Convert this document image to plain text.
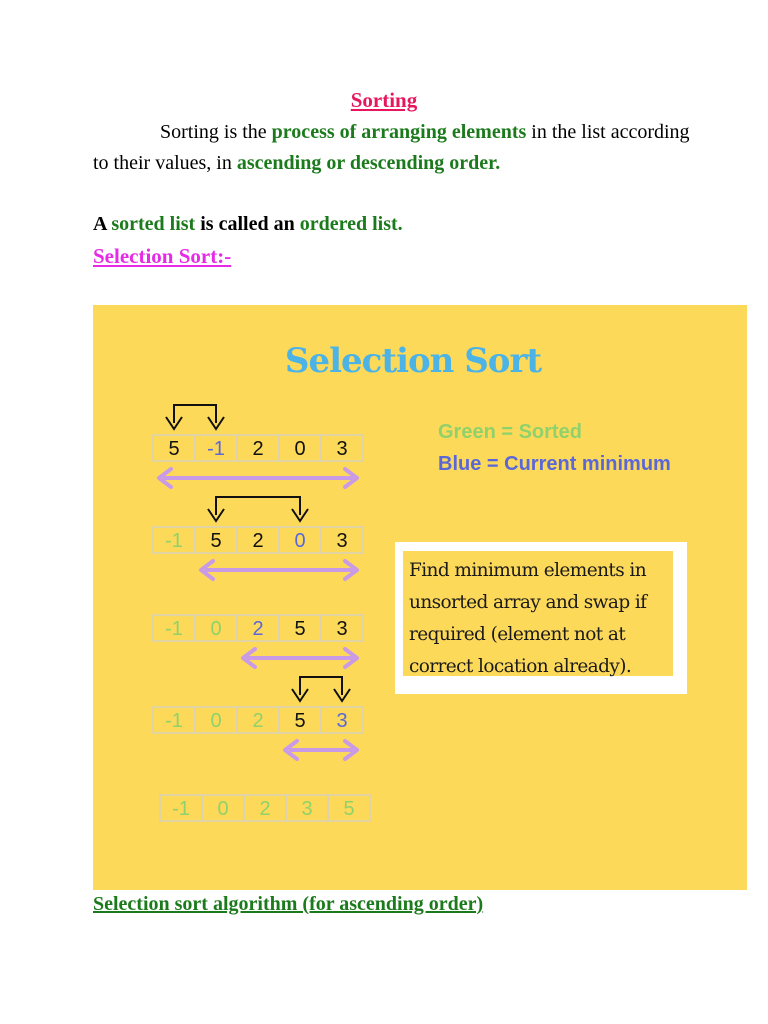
Sorting
Sorting is the process of arranging elements in the list according to their values, in ascending or descending order.
A sorted list is called an ordered list.
Selection Sort:-
Selection Sort
Green = Sorted
Blue = Current minimum
5 -1 2 0 3
-1 5 2 0 3
-1 0 2 5 3
-1 0 2 5 3
-1 0 2 3 5
Find minimum elements in unsorted array and swap if required (element not at correct location already).
Selection sort algorithm (for ascending order)
